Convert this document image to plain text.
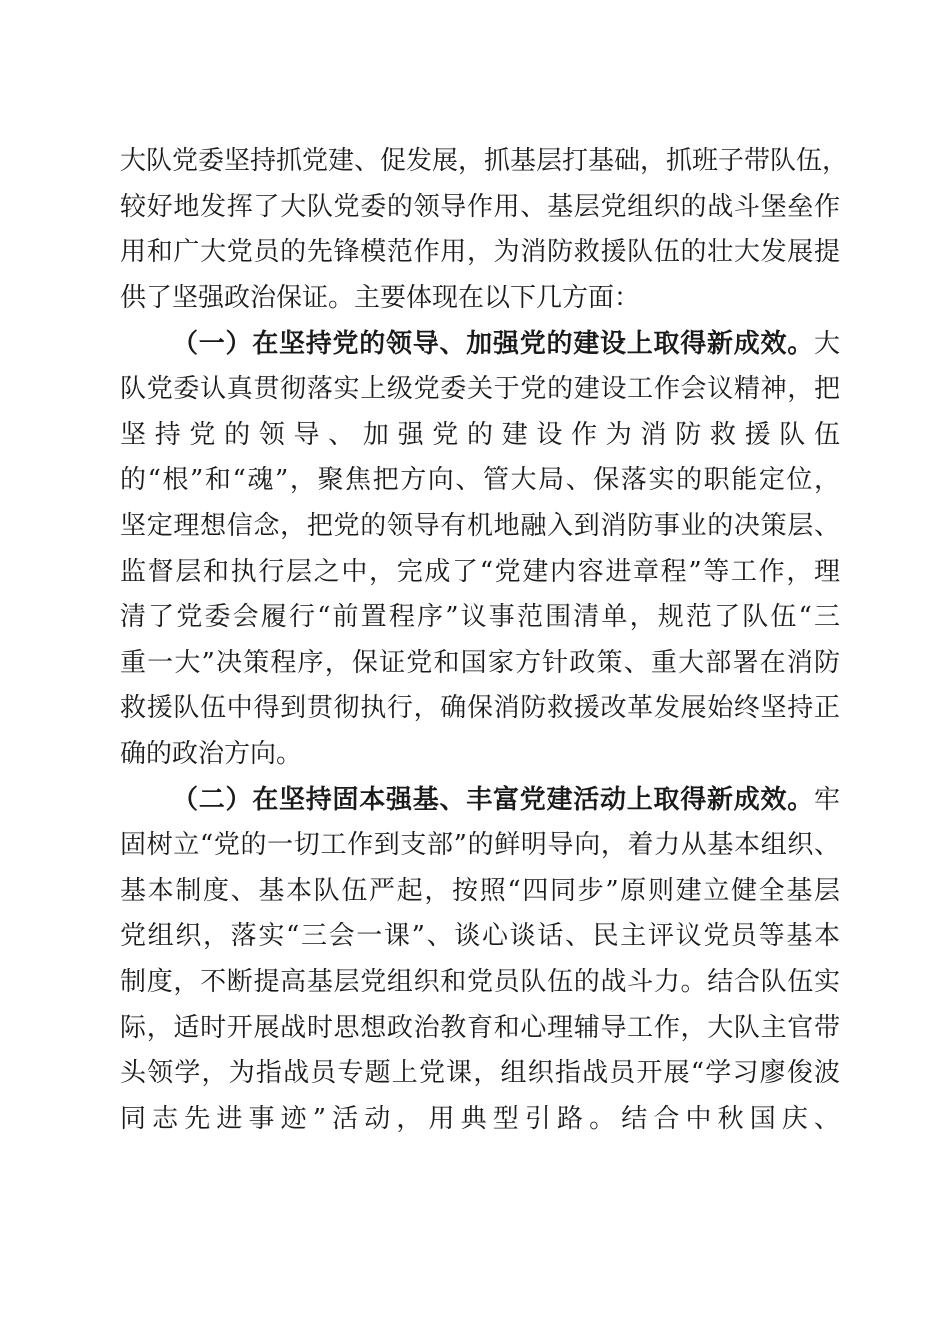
大队党委坚持抓党建、促发展，抓基层打基础，抓班子带队伍，
较好地发挥了大队党委的领导作用、基层党组织的战斗堡垒作
用和广大党员的先锋模范作用，为消防救援队伍的壮大发展提
供了坚强政治保证。主要体现在以下几方面：
（一）在坚持党的领导、加强党的建设上取得新成效。大
队党委认真贯彻落实上级党委关于党的建设工作会议精神，把
坚持党的领导、加强党的建设作为消防救援队伍
的“根”和“魂”，聚焦把方向、管大局、保落实的职能定位，
坚定理想信念，把党的领导有机地融入到消防事业的决策层、
监督层和执行层之中，完成了“党建内容进章程”等工作，理
清了党委会履行“前置程序”议事范围清单，规范了队伍“三
重一大”决策程序，保证党和国家方针政策、重大部署在消防
救援队伍中得到贯彻执行，确保消防救援改革发展始终坚持正
确的政治方向。
（二）在坚持固本强基、丰富党建活动上取得新成效。牢
固树立“党的一切工作到支部”的鲜明导向，着力从基本组织、
基本制度、基本队伍严起，按照“四同步”原则建立健全基层
党组织，落实“三会一课”、谈心谈话、民主评议党员等基本
制度，不断提高基层党组织和党员队伍的战斗力。结合队伍实
际，适时开展战时思想政治教育和心理辅导工作，大队主官带
头领学，为指战员专题上党课，组织指战员开展“学习廖俊波
同志先进事迹”活动，用典型引路。结合中秋国庆、
